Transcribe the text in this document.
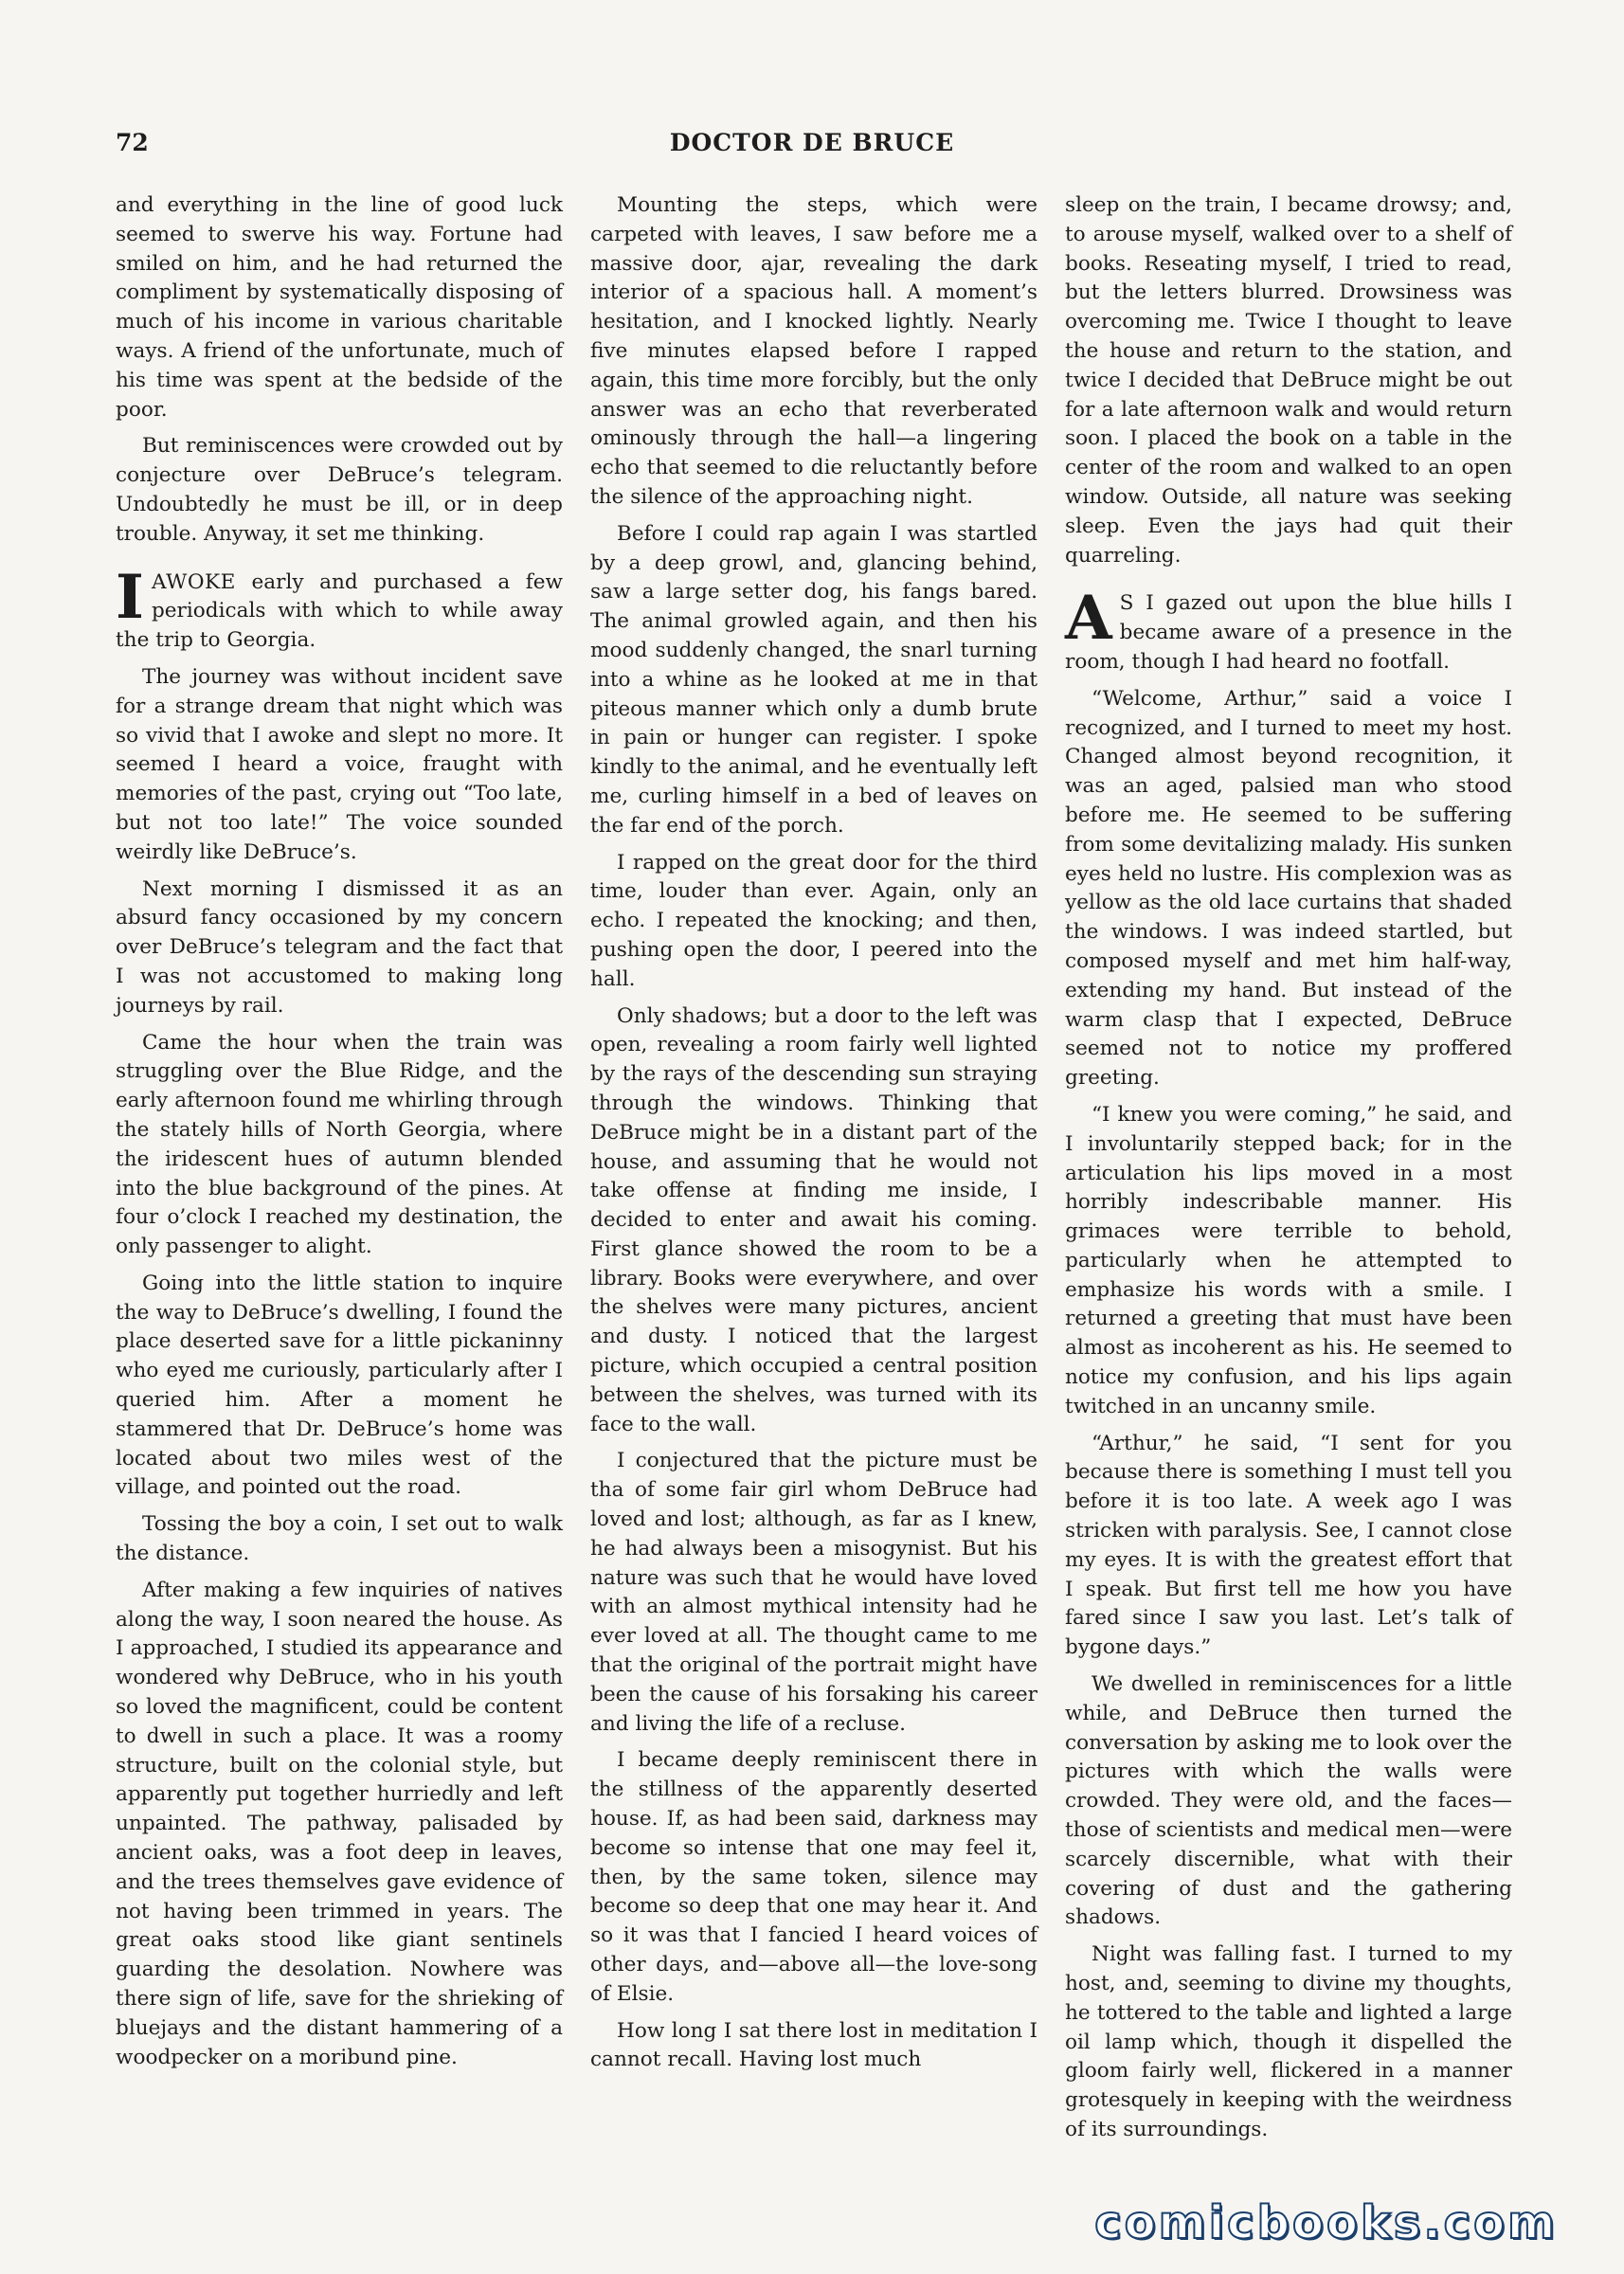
72	DOCTOR DE BRUCE

and everything in the line of good luck seemed to swerve his way. Fortune had smiled on him, and he had returned the compliment by systematically disposing of much of his income in various charitable ways. A friend of the unfortunate, much of his time was spent at the bedside of the poor.

But reminiscences were crowded out by conjecture over DeBruce’s telegram. Undoubtedly he must be ill, or in deep trouble. Anyway, it set me thinking.

IAWOKE early and purchased a few periodicals with which to while away the trip to Georgia.

The journey was without incident save for a strange dream that night which was so vivid that I awoke and slept no more. It seemed I heard a voice, fraught with memories of the past, crying out “Too late, but not too late!” The voice sounded weirdly like DeBruce’s.

Next morning I dismissed it as an absurd fancy occasioned by my concern over DeBruce’s telegram and the fact that I was not accustomed to making long journeys by rail.

Came the hour when the train was struggling over the Blue Ridge, and the early afternoon found me whirling through the stately hills of North Georgia, where the iridescent hues of autumn blended into the blue background of the pines. At four o’clock I reached my destination, the only passenger to alight.

Going into the little station to inquire the way to DeBruce’s dwelling, I found the place deserted save for a little pickaninny who eyed me curiously, particularly after I queried him. After a moment he stammered that Dr. DeBruce’s home was located about two miles west of the village, and pointed out the road.

Tossing the boy a coin, I set out to walk the distance.

After making a few inquiries of natives along the way, I soon neared the house. As I approached, I studied its appearance and wondered why DeBruce, who in his youth so loved the magnificent, could be content to dwell in such a place. It was a roomy structure, built on the colonial style, but apparently put together hurriedly and left unpainted. The pathway, palisaded by ancient oaks, was a foot deep in leaves, and the trees themselves gave evidence of not having been trimmed in years. The great oaks stood like giant sentinels guarding the desolation. Nowhere was there sign of life, save for the shrieking of bluejays and the distant hammering of a woodpecker on a moribund pine.

Mounting the steps, which were carpeted with leaves, I saw before me a massive door, ajar, revealing the dark interior of a spacious hall. A moment’s hesitation, and I knocked lightly. Nearly five minutes elapsed before I rapped again, this time more forcibly, but the only answer was an echo that reverberated ominously through the hall—a lingering echo that seemed to die reluctantly before the silence of the approaching night.

Before I could rap again I was startled by a deep growl, and, glancing behind, saw a large setter dog, his fangs bared. The animal growled again, and then his mood suddenly changed, the snarl turning into a whine as he looked at me in that piteous manner which only a dumb brute in pain or hunger can register. I spoke kindly to the animal, and he eventually left me, curling himself in a bed of leaves on the far end of the porch.

I rapped on the great door for the third time, louder than ever. Again, only an echo. I repeated the knocking; and then, pushing open the door, I peered into the hall.

Only shadows; but a door to the left was open, revealing a room fairly well lighted by the rays of the descending sun straying through the windows. Thinking that DeBruce might be in a distant part of the house, and assuming that he would not take offense at finding me inside, I decided to enter and await his coming. First glance showed the room to be a library. Books were everywhere, and over the shelves were many pictures, ancient and dusty. I noticed that the largest picture, which occupied a central position between the shelves, was turned with its face to the wall.

I conjectured that the picture must be tha of some fair girl whom DeBruce had loved and lost; although, as far as I knew, he had always been a misogynist. But his nature was such that he would have loved with an almost mythical intensity had he ever loved at all. The thought came to me that the original of the portrait might have been the cause of his forsaking his career and living the life of a recluse.

I became deeply reminiscent there in the stillness of the apparently deserted house. If, as had been said, darkness may become so intense that one may feel it, then, by the same token, silence may become so deep that one may hear it. And so it was that I fancied I heard voices of other days, and—above all—the love-song of Elsie.

How long I sat there lost in meditation I cannot recall. Having lost much

sleep on the train, I became drowsy; and, to arouse myself, walked over to a shelf of books. Reseating myself, I tried to read, but the letters blurred. Drowsiness was overcoming me. Twice I thought to leave the house and return to the station, and twice I decided that DeBruce might be out for a late afternoon walk and would return soon. I placed the book on a table in the center of the room and walked to an open window. Outside, all nature was seeking sleep. Even the jays had quit their quarreling.

A S I gazed out upon the blue hills I became aware of a presence in the room, though I had heard no footfall.

“Welcome, Arthur,” said a voice I recognized, and I turned to meet my host. Changed almost beyond recognition, it was an aged, palsied man who stood before me. He seemed to be suffering from some devitalizing malady. His sunken eyes held no lustre. His complexion was as yellow as the old lace curtains that shaded the windows. I was indeed startled, but composed myself and met him half-way, extending my hand. But instead of the warm clasp that I expected, DeBruce seemed not to notice my proffered greeting.

“I knew you were coming,” he said, and I involuntarily stepped back; for in the articulation his lips moved in a most horribly indescribable manner. His grimaces were terrible to behold, particularly when he attempted to emphasize his words with a smile. I returned a greeting that must have been almost as incoherent as his. He seemed to notice my confusion, and his lips again twitched in an uncanny smile.

“Arthur,” he said, “I sent for you because there is something I must tell you before it is too late. A week ago I was stricken with paralysis. See, I cannot close my eyes. It is with the greatest effort that I speak. But first tell me how you have fared since I saw you last. Let’s talk of bygone days.”

We dwelled in reminiscences for a little while, and DeBruce then turned the conversation by asking me to look over the pictures with which the walls were crowded. They were old, and the faces—those of scientists and medical men—were scarcely discernible, what with their covering of dust and the gathering shadows.

Night was falling fast. I turned to my host, and, seeming to divine my thoughts, he tottered to the table and lighted a large oil lamp which, though it dispelled the gloom fairly well, flickered in a manner grotesquely in keeping with the weirdness of its surroundings.

comicbooks.com
